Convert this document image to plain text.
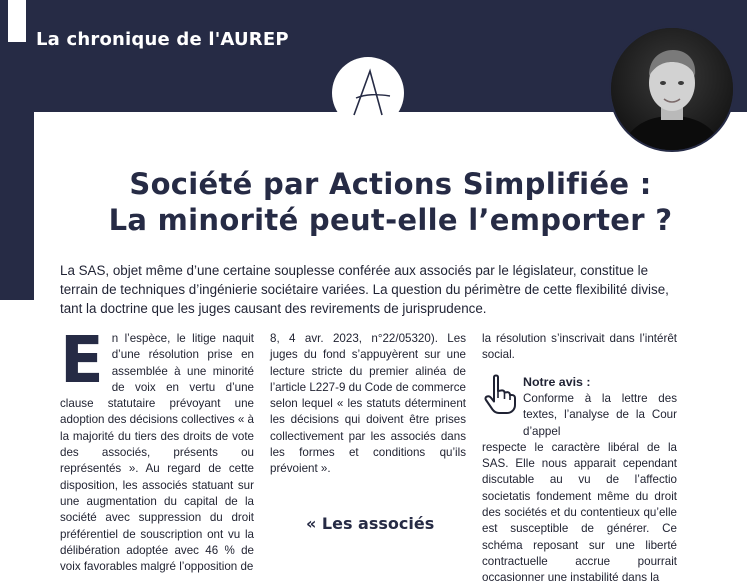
La chronique de l'AUREP
Société par Actions Simplifiée :
La minorité peut-elle l’emporter ?
La SAS, objet même d’une certaine souplesse conférée aux associés par le législateur, constitue le terrain de techniques d’ingénierie sociétaire variées. La question du périmètre de cette flexibilité divise, tant la doctrine que les juges causant des revirements de jurisprudence.
E n l’espèce, le litige naquit d’une résolution prise en assemblée à une minorité de voix en vertu d’une clause statutaire prévoyant une adoption des décisions collectives « à la majorité du tiers des droits de vote des associés, présents ou représentés ». Au regard de cette disposition, les associés statuant sur une augmentation du capital de la société avec suppression du droit préférentiel de souscription ont vu la délibération adoptée avec 46 % de voix favorables malgré l’opposition de

8, 4 avr. 2023, n°22/05320). Les juges du fond s’appuyèrent sur une lecture stricte du premier alinéa de l’article L227-9 du Code de commerce selon lequel « les statuts déterminent les décisions qui doivent être prises collectivement par les associés dans les formes et conditions qu’ils prévoient ».

« Les associés

la résolution s’inscrivait dans l’intérêt social.

Notre avis :
Conforme à la lettre des textes, l’analyse de la Cour d’appel
respecte le caractère libéral de la SAS. Elle nous apparait cependant discutable au vu de l’affectio societatis fondement même du droit des sociétés et du contentieux qu’elle est susceptible de générer. Ce schéma reposant sur une liberté contractuelle accrue pourrait occasionner une instabilité dans la
